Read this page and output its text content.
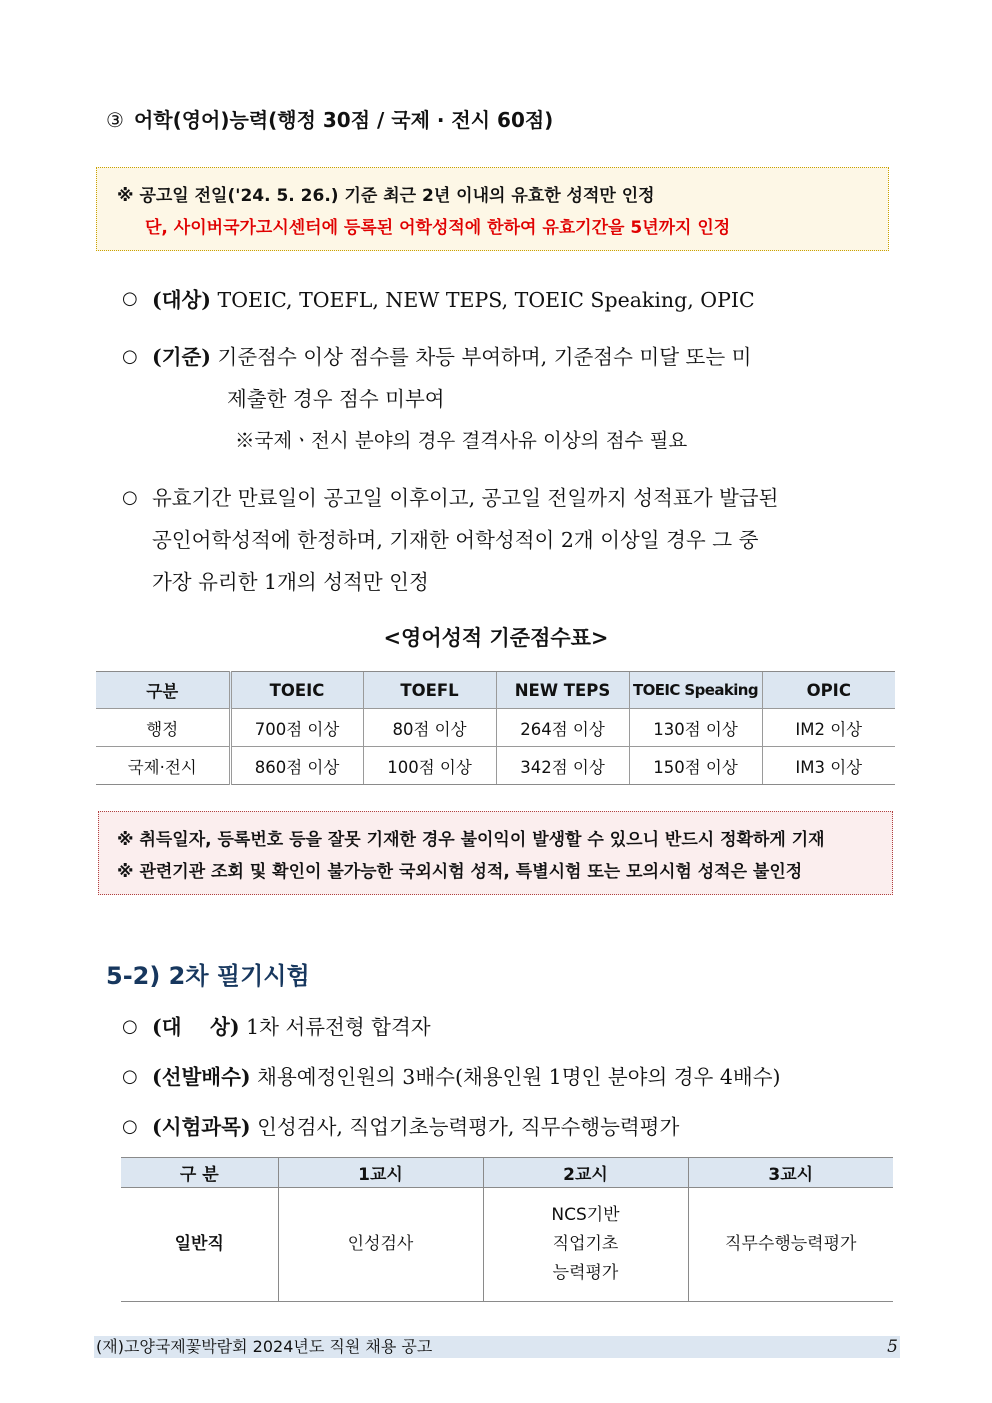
③ 어학(영어)능력(행정 30점 / 국제 · 전시 60점)
※ 공고일 전일('24. 5. 26.) 기준 최근 2년 이내의 유효한 성적만 인정
단, 사이버국가고시센터에 등록된 어학성적에 한하여 유효기간을 5년까지 인정
○ (대상) TOEIC, TOEFL, NEW TEPS, TOEIC Speaking, OPIC
○ (기준) 기준점수 이상 점수를 차등 부여하며, 기준점수 미달 또는 미
제출한 경우 점수 미부여
※국제ㆍ전시 분야의 경우 결격사유 이상의 점수 필요
○ 유효기간 만료일이 공고일 이후이고, 공고일 전일까지 성적표가 발급된
공인어학성적에 한정하며, 기재한 어학성적이 2개 이상일 경우 그 중
가장 유리한 1개의 성적만 인정
<영어성적 기준점수표>
구분	TOEIC	TOEFL	NEW TEPS	TOEIC Speaking	OPIC
행정	700점 이상	80점 이상	264점 이상	130점 이상	IM2 이상
국제·전시	860점 이상	100점 이상	342점 이상	150점 이상	IM3 이상
※ 취득일자, 등록번호 등을 잘못 기재한 경우 불이익이 발생할 수 있으니 반드시 정확하게 기재
※ 관련기관 조회 및 확인이 불가능한 국외시험 성적, 특별시험 또는 모의시험 성적은 불인정
5-2) 2차 필기시험
○ (대    상) 1차 서류전형 합격자
○ (선발배수) 채용예정인원의 3배수(채용인원 1명인 분야의 경우 4배수)
○ (시험과목) 인성검사, 직업기초능력평가, 직무수행능력평가
구 분	1교시	2교시	3교시
일반직	인성검사	NCS기반
직업기초
능력평가	직무수행능력평가
(재)고양국제꽃박람회 2024년도 직원 채용 공고	5
